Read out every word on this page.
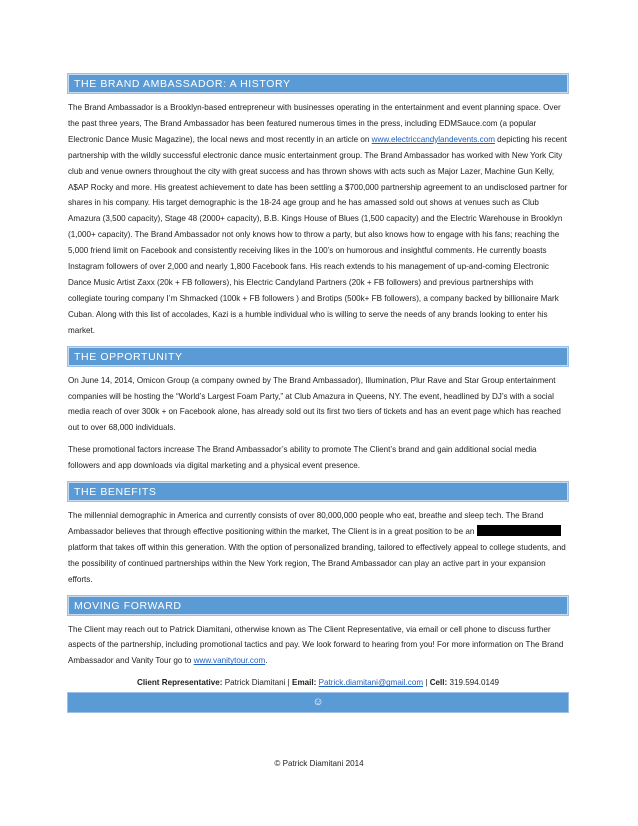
THE BRAND AMBASSADOR: A HISTORY

The Brand Ambassador is a Brooklyn-based entrepreneur with businesses operating in the entertainment and event planning space. Over the past three years, The Brand Ambassador has been featured numerous times in the press, including EDMSauce.com (a popular Electronic Dance Music Magazine), the local news and most recently in an article on www.electriccandylandevents.com depicting his recent partnership with the wildly successful electronic dance music entertainment group. The Brand Ambassador has worked with New York City club and venue owners throughout the city with great success and has thrown shows with acts such as Major Lazer, Machine Gun Kelly, A$AP Rocky and more. His greatest achievement to date has been settling a $700,000 partnership agreement to an undisclosed partner for shares in his company. His target demographic is the 18-24 age group and he has amassed sold out shows at venues such as Club Amazura (3,500 capacity), Stage 48 (2000+ capacity), B.B. Kings House of Blues (1,500 capacity) and the Electric Warehouse in Brooklyn (1,000+ capacity). The Brand Ambassador not only knows how to throw a party, but also knows how to engage with his fans; reaching the 5,000 friend limit on Facebook and consistently receiving likes in the 100’s on humorous and insightful comments. He currently boasts Instagram followers of over 2,000 and nearly 1,800 Facebook fans. His reach extends to his management of up-and-coming Electronic Dance Music Artist Zaxx (20k + FB followers), his Electric Candyland Partners (20k + FB followers) and previous partnerships with collegiate touring company I’m Shmacked (100k + FB followers ) and Brotips (500k+ FB followers), a company backed by billionaire Mark Cuban. Along with this list of accolades, Kazi is a humble individual who is willing to serve the needs of any brands looking to enter his market.

THE OPPORTUNITY

On June 14, 2014, Omicon Group (a company owned by The Brand Ambassador), Illumination, Plur Rave and Star Group entertainment companies will be hosting the “World’s Largest Foam Party,” at Club Amazura in Queens, NY. The event, headlined by DJ’s with a social media reach of over 300k + on Facebook alone, has already sold out its first two tiers of tickets and has an event page which has reached out to over 68,000 individuals.

These promotional factors increase The Brand Ambassador’s ability to promote The Client’s brand and gain additional social media followers and app downloads via digital marketing and a physical event presence.

THE BENEFITS

The millennial demographic in America and currently consists of over 80,000,000 people who eat, breathe and sleep tech. The Brand Ambassador believes that through effective positioning within the market, The Client is in a great position to be an  platform that takes off within this generation. With the option of personalized branding, tailored to effectively appeal to college students, and the possibility of continued partnerships within the New York region, The Brand Ambassador can play an active part in your expansion efforts.

MOVING FORWARD

The Client may reach out to Patrick Diamitani, otherwise known as The Client Representative, via email or cell phone to discuss further aspects of the partnership, including promotional tactics and pay. We look forward to hearing from you! For more information on The Brand Ambassador and Vanity Tour go to www.vanitytour.com.

Client Representative: Patrick Diamitani | Email: Patrick.diamitani@gmail.com | Cell: 319.594.0149
☺
© Patrick Diamitani 2014
